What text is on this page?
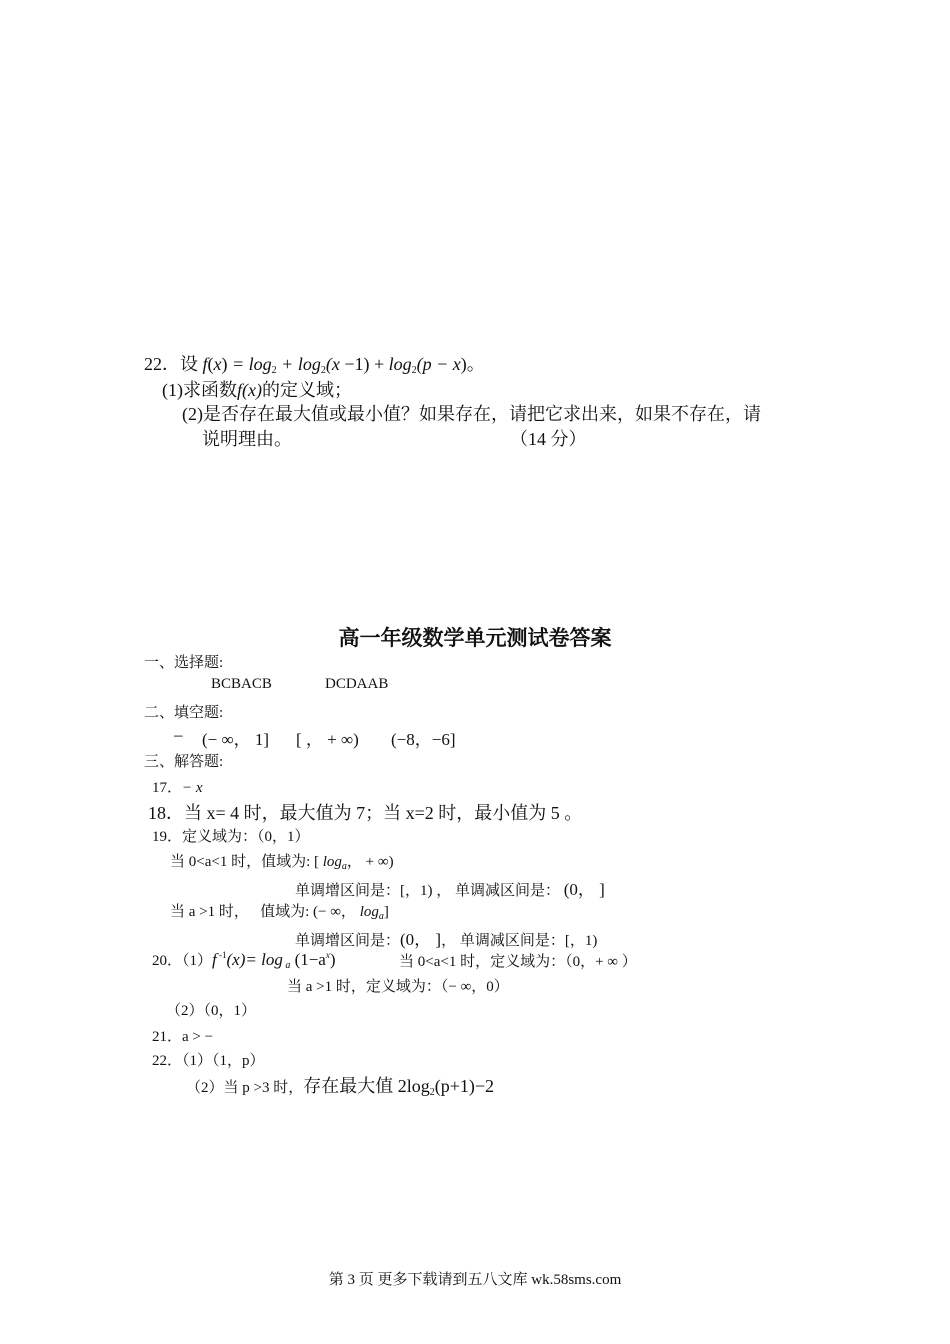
22．设 $f(x) = \log_2 + \log_2(x -1) + \log_2(p - x)$。
(1)求函数f(x)的定义域；
(2)是否存在最大值或最小值？如果存在，请把它求出来，如果不存在，请
说明理由。	（14 分）
高一年级数学单元测试卷答案
一、选择题:
BCBACB	DCDAAB
二、填空题:
– (− ∞， 1] [ ， + ∞) (−8，−6]
三、解答题:
17．− x
18．当 x= 4 时，最大值为 7；当 x=2 时，最小值为 5 。
19．定义域为：（0，1）
当 0<a<1 时，值域为: [ $\log_a$， + ∞)
单调增区间是：[，1) ， 单调减区间是： (0， ]
当 a >1 时，   值域为: (− ∞， $\log_a$]
单调增区间是：(0， ]， 单调减区间是：[，1)
20．（1）f $^{-1}$(x)= log $_a$ $(1-a^x)$	当 0<a<1 时，定义域为：（0，+ ∞ ）
当 a >1 时，定义域为：（− ∞，0）
（2）（0，1）
21．a > −
22．（1）（1，p）
（2）当 p >3 时，存在最大值 $2\log_2(p+1)-2$
第 3 页 更多下载请到五八文库 wk.58sms.com
